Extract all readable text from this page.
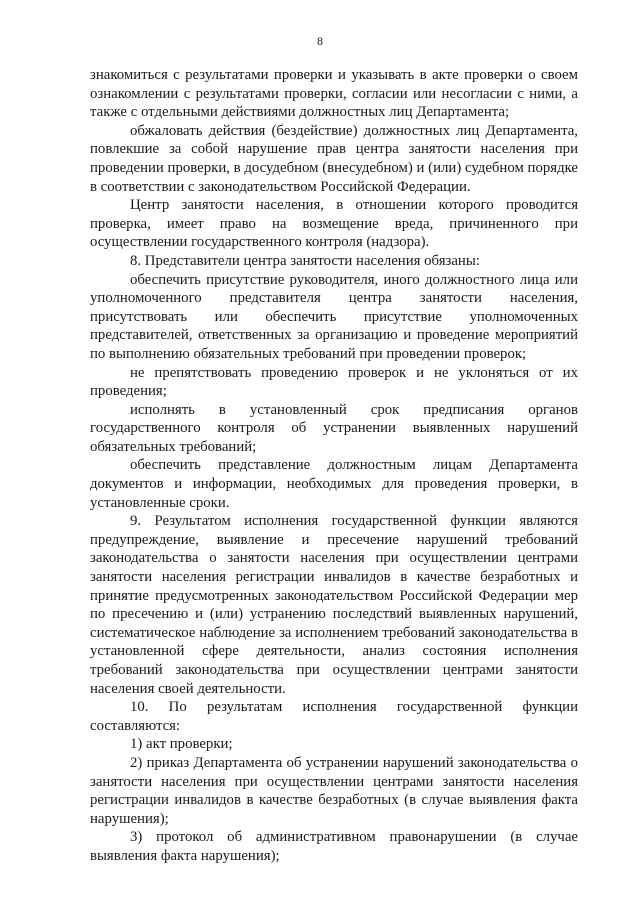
8

знакомиться с результатами проверки и указывать в акте проверки о своем ознакомлении с результатами проверки, согласии или несогласии с ними, а также с отдельными действиями должностных лиц Департамента;

обжаловать действия (бездействие) должностных лиц Департамента, повлекшие за собой нарушение прав центра занятости населения при проведении проверки, в досудебном (внесудебном) и (или) судебном порядке в соответствии с законодательством Российской Федерации.

Центр занятости населения, в отношении которого проводится проверка, имеет право на возмещение вреда, причиненного при осуществлении государственного контроля (надзора).

8. Представители центра занятости населения обязаны:

обеспечить присутствие руководителя, иного должностного лица или уполномоченного представителя центра занятости населения, присутствовать или обеспечить присутствие уполномоченных представителей, ответственных за организацию и проведение мероприятий по выполнению обязательных требований при проведении проверок;

не препятствовать проведению проверок и не уклоняться от их проведения;

исполнять в установленный срок предписания органов государственного контроля об устранении выявленных нарушений обязательных требований;

обеспечить представление должностным лицам Департамента документов и информации, необходимых для проведения проверки, в установленные сроки.

9. Результатом исполнения государственной функции являются предупреждение, выявление и пресечение нарушений требований законодательства о занятости населения при осуществлении центрами занятости населения регистрации инвалидов в качестве безработных и принятие предусмотренных законодательством Российской Федерации мер по пресечению и (или) устранению последствий выявленных нарушений, систематическое наблюдение за исполнением требований законодательства в установленной сфере деятельности, анализ состояния исполнения требований законодательства при осуществлении центрами занятости населения своей деятельности.

10. По результатам исполнения государственной функции составляются:

1) акт проверки;

2) приказ Департамента об устранении нарушений законодательства о занятости населения при осуществлении центрами занятости населения регистрации инвалидов в качестве безработных (в случае выявления факта нарушения);

3) протокол об административном правонарушении (в случае выявления факта нарушения);
